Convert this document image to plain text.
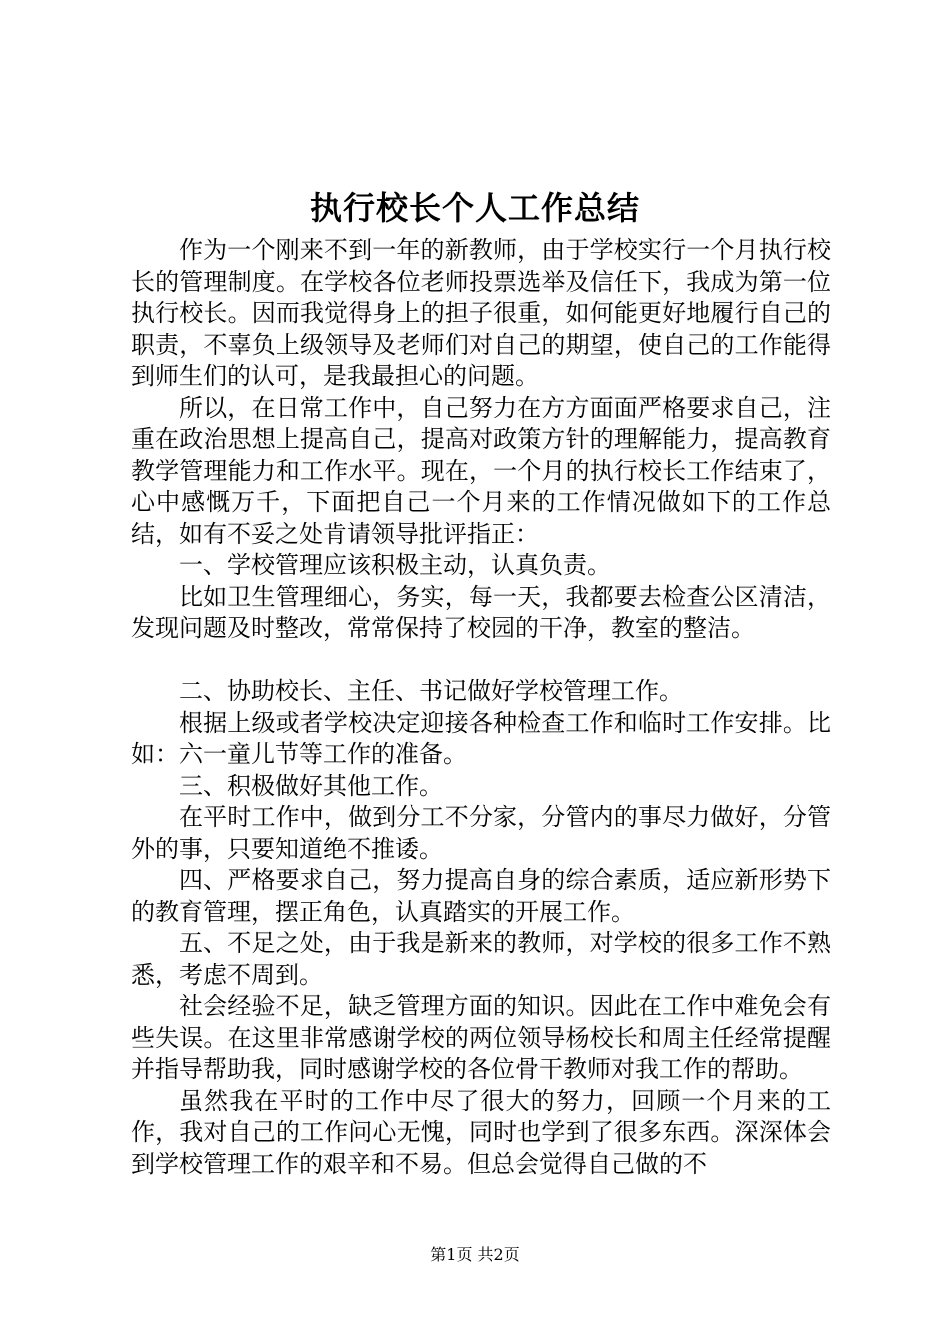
执行校长个人工作总结

作为一个刚来不到一年的新教师，由于学校实行一个月执行校长的管理制度。在学校各位老师投票选举及信任下，我成为第一位执行校长。因而我觉得身上的担子很重，如何能更好地履行自己的职责，不辜负上级领导及老师们对自己的期望，使自己的工作能得到师生们的认可，是我最担心的问题。

所以，在日常工作中，自己努力在方方面面严格要求自己，注重在政治思想上提高自己，提高对政策方针的理解能力，提高教育教学管理能力和工作水平。现在，一个月的执行校长工作结束了，心中感慨万千，下面把自己一个月来的工作情况做如下的工作总结，如有不妥之处肯请领导批评指正：

一、学校管理应该积极主动，认真负责。

比如卫生管理细心，务实，每一天，我都要去检查公区清洁，发现问题及时整改，常常保持了校园的干净，教室的整洁。

二、协助校长、主任、书记做好学校管理工作。

根据上级或者学校决定迎接各种检查工作和临时工作安排。比如：六一童儿节等工作的准备。

三、积极做好其他工作。

在平时工作中，做到分工不分家，分管内的事尽力做好，分管外的事，只要知道绝不推诿。

四、严格要求自己，努力提高自身的综合素质，适应新形势下的教育管理，摆正角色，认真踏实的开展工作。

五、不足之处，由于我是新来的教师，对学校的很多工作不熟悉，考虑不周到。

社会经验不足，缺乏管理方面的知识。因此在工作中难免会有些失误。在这里非常感谢学校的两位领导杨校长和周主任经常提醒并指导帮助我，同时感谢学校的各位骨干教师对我工作的帮助。

虽然我在平时的工作中尽了很大的努力，回顾一个月来的工作，我对自己的工作问心无愧，同时也学到了很多东西。深深体会到学校管理工作的艰辛和不易。但总会觉得自己做的不

第1页 共2页
